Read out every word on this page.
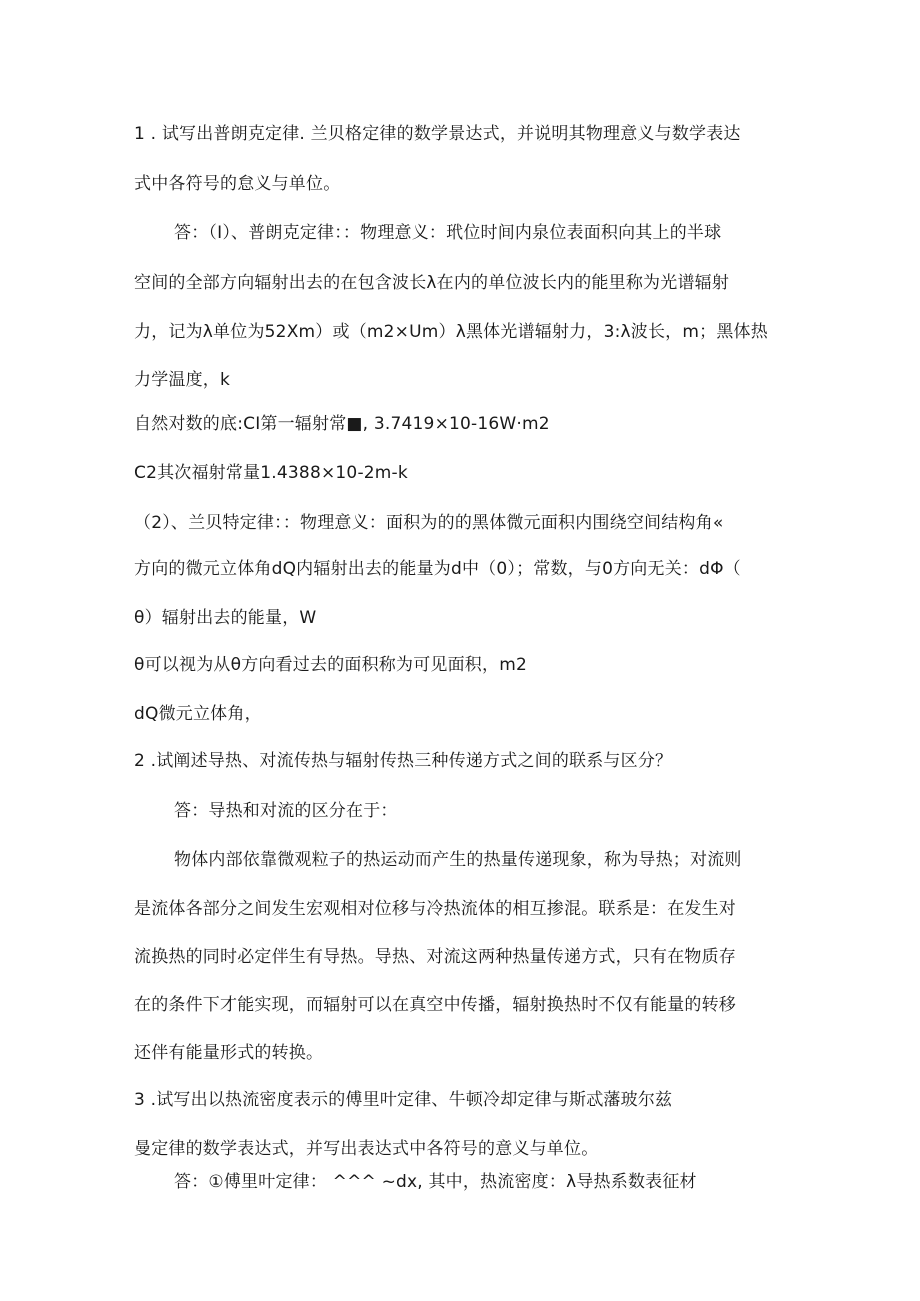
1 . 试写出普朗克定律. 兰贝格定律的数学景达式，并说明其物理意义与数学表达
式中各符号的怠义与单位。
答：（I）、普朗克定律：：物理意义：玳位时间内泉位表面积向其上的半球
空间的全部方向辐射出去的在包含波长λ在内的单位波长内的能里称为光谱辐射
力，记为λ单位为52Xm）或（m2×Um）λ黑体光谱辐射力，3:λ波长，m；黑体热
力学温度，k
自然对数的底:CI第一辐射常■, 3.7419×10-16W·m2
C2其次福射常量1.4388×10-2m-k
（2）、兰贝特定律：：物理意义：面积为的的黑体微元面积内围绕空间结构角«
方向的微元立体角dQ内辐射出去的能量为d中（0）；常数，与0方向无关：dΦ（
θ）辐射出去的能量，W
θ可以视为从θ方向看过去的面积称为可见面积，m2
dQ微元立体角，
2 .试阐述导热、对流传热与辐射传热三种传递方式之间的联系与区分？
答：导热和对流的区分在于：
物体内部依靠微观粒子的热运动而产生的热量传递现象，称为导热；对流则
是流体各部分之间发生宏观相对位移与冷热流体的相互掺混。联系是：在发生对
流换热的同时必定伴生有导热。导热、对流这两种热量传递方式，只有在物质存
在的条件下才能实现，而辐射可以在真空中传播，辐射换热时不仅有能量的转移
还伴有能量形式的转换。
3 .试写出以热流密度表示的傅里叶定律、牛顿冷却定律与斯忒藩玻尔兹
曼定律的数学表达式，并写出表达式中各符号的意义与单位。
答：①傅里叶定律： ^^^ ~dx, 其中，热流密度：λ导热系数表征材
